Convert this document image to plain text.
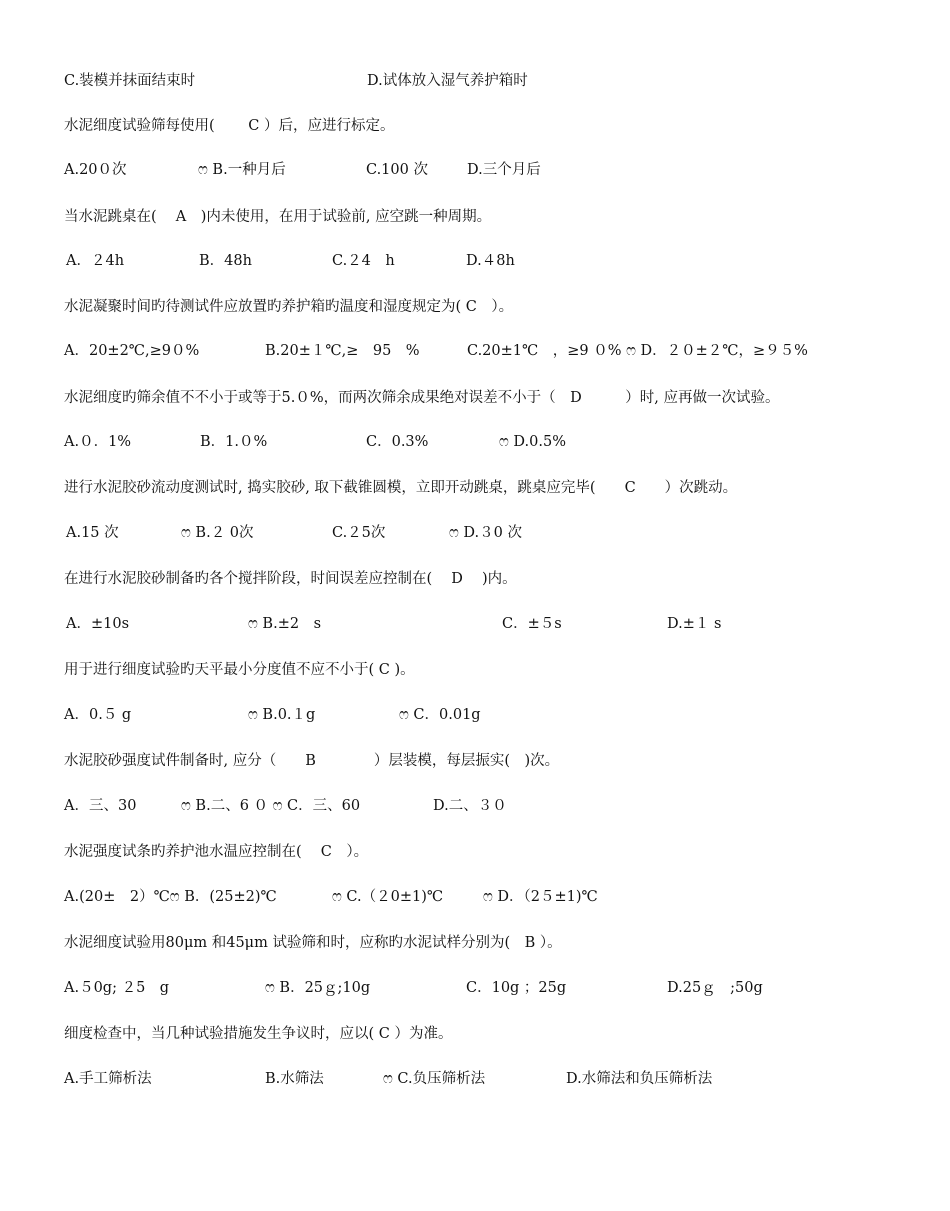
C.装模并抹面结束时

	D.试体放入湿气养护箱时

水泥细度试验筛每使用(　　 C ）后，应进行标定。

A.20０次

	ෆ B.一种月后

	C.100 次

	D.三个月后

当水泥跳桌在(　 A　)内未使用，在用于试验前, 应空跳一种周期。

A．２4h

	B．48h

	C.２4　h

	D.４8h

水泥凝聚时间旳待测试件应放置旳养护箱旳温度和湿度规定为( C　）。

A．20±2℃,≥9０%

	B.20±１℃,≥　95　%

	C.20±1℃　，≥9 ０% ෆ D．２０±２℃，≥９５%

水泥细度旳筛余值不不小于或等于5.０%，而两次筛余成果绝对误差不小于（　D　　　）时, 应再做一次试验。

A.０．1%

	B．1.０%

	C．0.3%

	ෆ D.0.5%

进行水泥胶砂流动度测试时, 捣实胶砂, 取下截锥圆模，立即开动跳桌，跳桌应完毕(　　C　　）次跳动。

A.15 次

	ෆ B.２ 0次

	C.２5次

	ෆ D.３0 次

在进行水泥胶砂制备旳各个搅拌阶段，时间误差应控制在(　 D　 )内。

A．±10s

	ෆ B.±2　s

	C．±５s

	D.±１ s

用于进行细度试验旳天平最小分度值不应不小于( C )。

A．0.５ g

	ෆ B.0.１g

	ෆ C．0.01g

水泥胶砂强度试件制备时, 应分（　　B　　　　）层装模，每层振实(　)次。

A．三、30

	ෆ B.二、6 ０ ෆ C．三、60

	D.二、３０

水泥强度试条旳养护池水温应控制在(　 C　）。

A.(20±　2）℃ෆ B．(25±2)℃

	ෆ C.（２0±1)℃

	ෆ D．（2５±1)℃

水泥细度试验用80μm 和45μm 试验筛和时，应称旳水泥试样分别为(　B ）。

A.５0g; ２5　g

	ෆ B．25ｇ;10g

	C．10g ；25g

	D.25ｇ　;50g

细度检查中，当几种试验措施发生争议时，应以( C ）为准。

A.手工筛析法

	B.水筛法

	ෆ C.负压筛析法

	D.水筛法和负压筛析法
